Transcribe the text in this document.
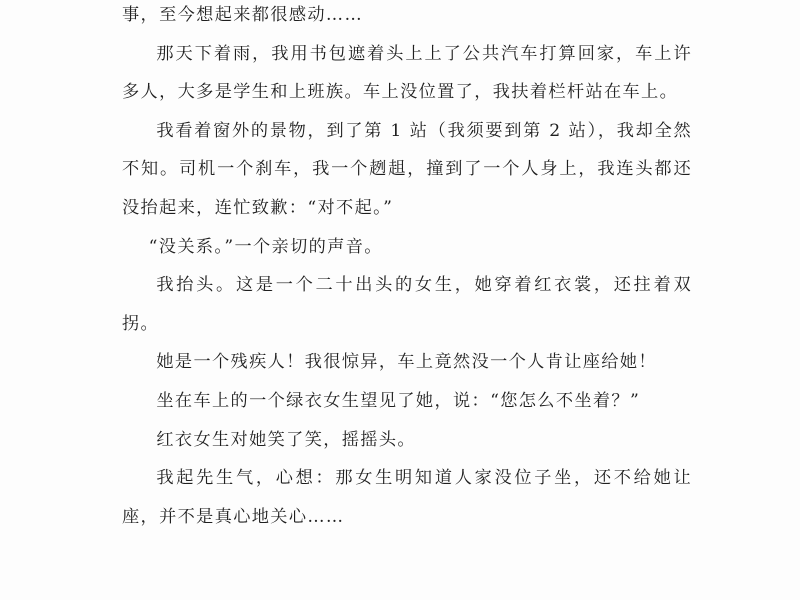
事，至今想起来都很感动……

那天下着雨，我用书包遮着头上上了公共汽车打算回家，车上许多人，大多是学生和上班族。车上没位置了，我扶着栏杆站在车上。

我看着窗外的景物，到了第 1 站（我须要到第 2 站），我却全然不知。司机一个刹车，我一个趔趄，撞到了一个人身上，我连头都还没抬起来，连忙致歉：“对不起。”

“没关系。”一个亲切的声音。

我抬头。这是一个二十出头的女生，她穿着红衣裳，还拄着双拐。

她是一个残疾人！我很惊异，车上竟然没一个人肯让座给她！

坐在车上的一个绿衣女生望见了她，说：“您怎么不坐着？”

红衣女生对她笑了笑，摇摇头。

我起先生气，心想：那女生明知道人家没位子坐，还不给她让座，并不是真心地关心……
